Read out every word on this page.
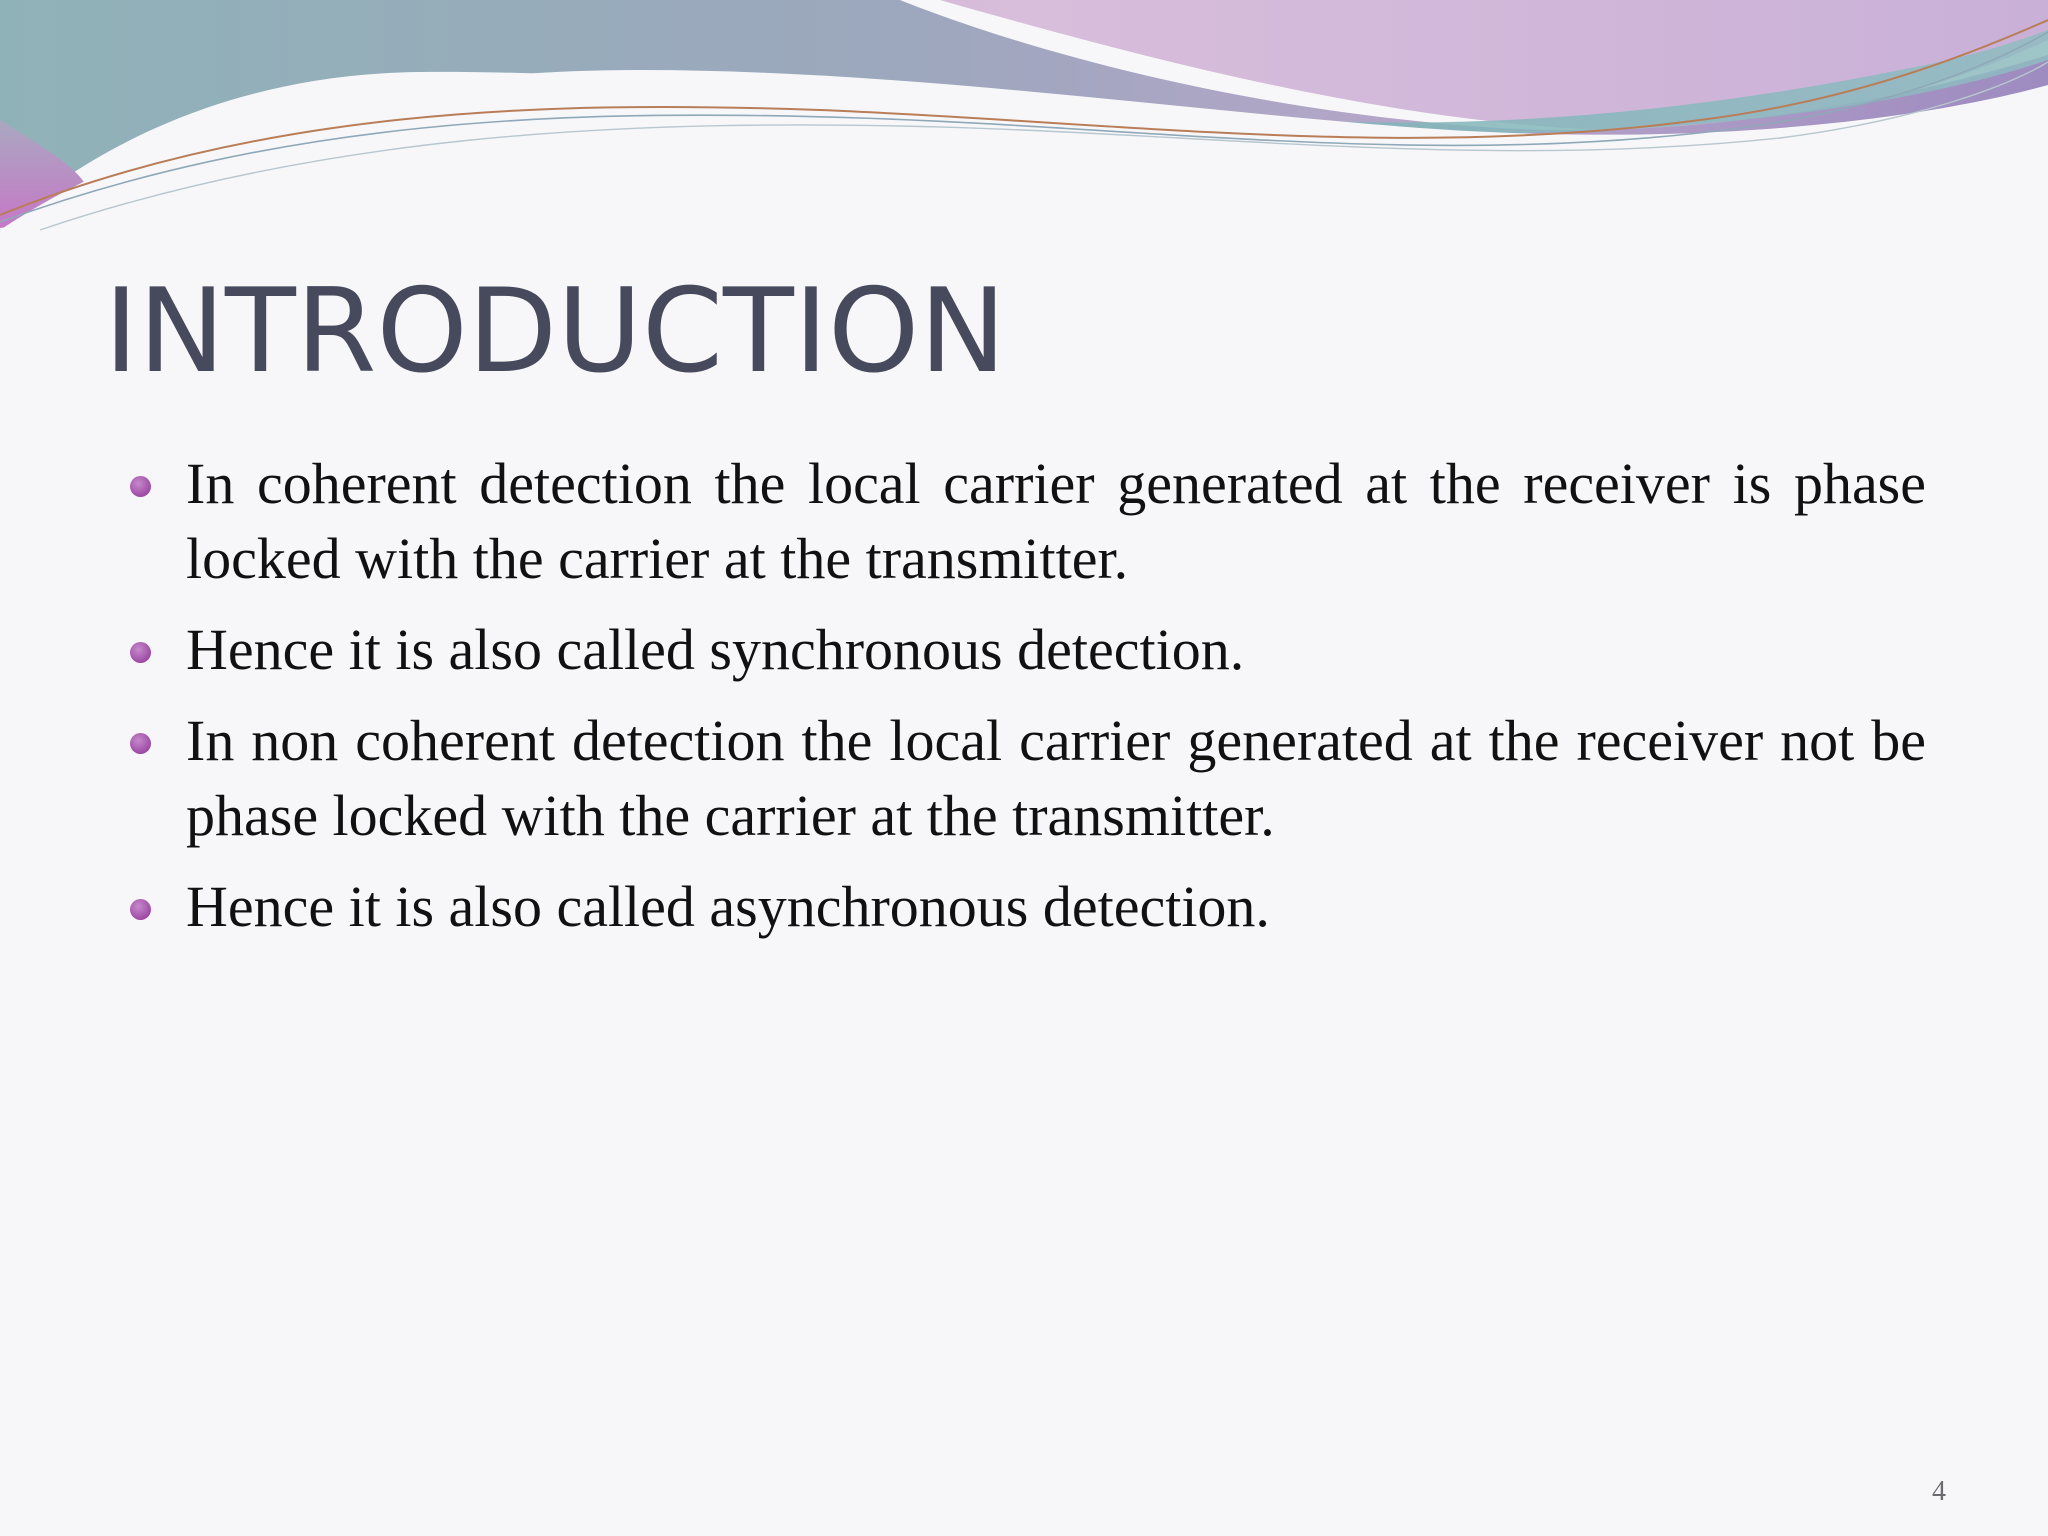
INTRODUCTION
In coherent detection the local carrier generated at the receiver is phase locked with the carrier at the transmitter.
Hence it is also called synchronous detection.
In non coherent detection the local carrier generated at the receiver not be phase locked with the carrier at the transmitter.
Hence it is also called asynchronous detection.
4
